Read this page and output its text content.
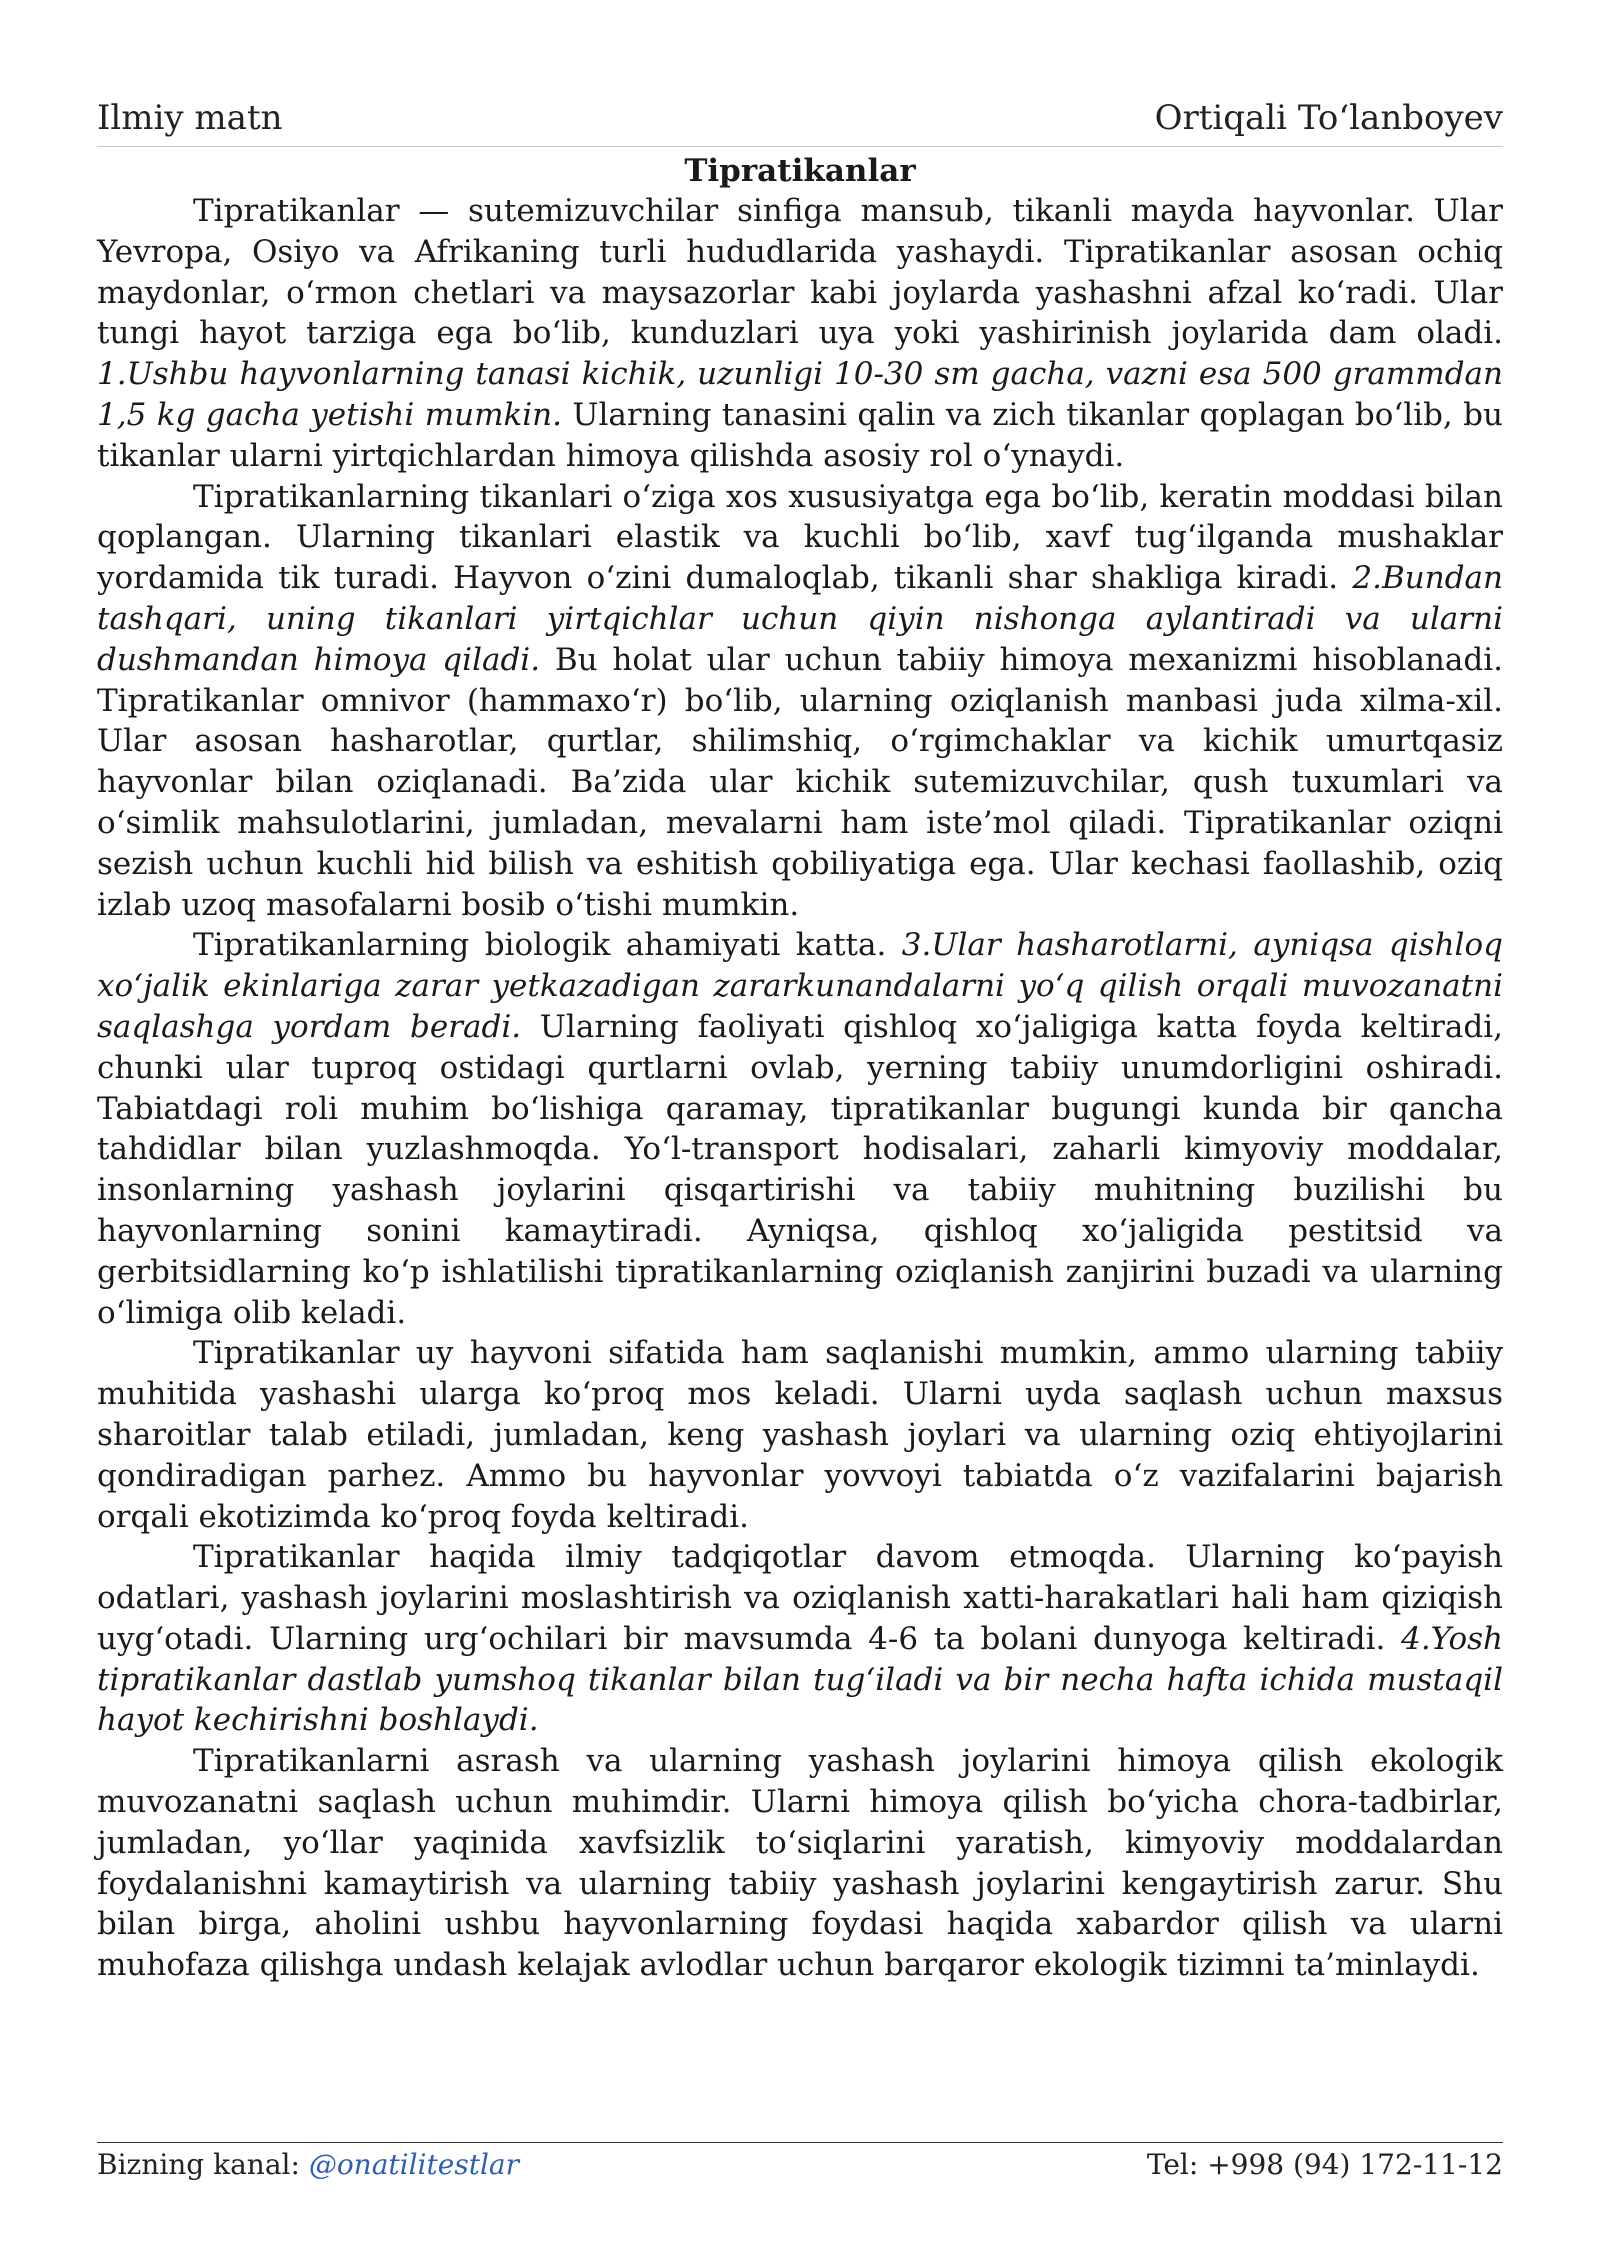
Ilmiy matn	Ortiqali To‘lanboyev
Tipratikanlar

Tipratikanlar — sutemizuvchilar sinfiga mansub, tikanli mayda hayvonlar. Ular Yevropa, Osiyo va Afrikaning turli hududlarida yashaydi. Tipratikanlar asosan ochiq maydonlar, o‘rmon chetlari va maysazorlar kabi joylarda yashashni afzal ko‘radi. Ular tungi hayot tarziga ega bo‘lib, kunduzlari uya yoki yashirinish joylarida dam oladi. 1.Ushbu hayvonlarning tanasi kichik, uzunligi 10-30 sm gacha, vazni esa 500 grammdan 1,5 kg gacha yetishi mumkin. Ularning tanasini qalin va zich tikanlar qoplagan bo‘lib, bu tikanlar ularni yirtqichlardan himoya qilishda asosiy rol o‘ynaydi.

Tipratikanlarning tikanlari o‘ziga xos xususiyatga ega bo‘lib, keratin moddasi bilan qoplangan. Ularning tikanlari elastik va kuchli bo‘lib, xavf tug‘ilganda mushaklar yordamida tik turadi. Hayvon o‘zini dumaloqlab, tikanli shar shakliga kiradi. 2.Bundan tashqari, uning tikanlari yirtqichlar uchun qiyin nishonga aylantiradi va ularni dushmandan himoya qiladi. Bu holat ular uchun tabiiy himoya mexanizmi hisoblanadi. Tipratikanlar omnivor (hammaxo‘r) bo‘lib, ularning oziqlanish manbasi juda xilma-xil. Ular asosan hasharotlar, qurtlar, shilimshiq, o‘rgimchaklar va kichik umurtqasiz hayvonlar bilan oziqlanadi. Ba’zida ular kichik sutemizuvchilar, qush tuxumlari va o‘simlik mahsulotlarini, jumladan, mevalarni ham iste’mol qiladi. Tipratikanlar oziqni sezish uchun kuchli hid bilish va eshitish qobiliyatiga ega. Ular kechasi faollashib, oziq izlab uzoq masofalarni bosib o‘tishi mumkin.

Tipratikanlarning biologik ahamiyati katta. 3.Ular hasharotlarni, ayniqsa qishloq xo‘jalik ekinlariga zarar yetkazadigan zararkunandalarni yo‘q qilish orqali muvozanatni saqlashga yordam beradi. Ularning faoliyati qishloq xo‘jaligiga katta foyda keltiradi, chunki ular tuproq ostidagi qurtlarni ovlab, yerning tabiiy unumdorligini oshiradi. Tabiatdagi roli muhim bo‘lishiga qaramay, tipratikanlar bugungi kunda bir qancha tahdidlar bilan yuzlashmoqda. Yo‘l-transport hodisalari, zaharli kimyoviy moddalar, insonlarning yashash joylarini qisqartirishi va tabiiy muhitning buzilishi bu hayvonlarning sonini kamaytiradi. Ayniqsa, qishloq xo‘jaligida pestitsid va gerbitsidlarning ko‘p ishlatilishi tipratikanlarning oziqlanish zanjirini buzadi va ularning o‘limiga olib keladi.

Tipratikanlar uy hayvoni sifatida ham saqlanishi mumkin, ammo ularning tabiiy muhitida yashashi ularga ko‘proq mos keladi. Ularni uyda saqlash uchun maxsus sharoitlar talab etiladi, jumladan, keng yashash joylari va ularning oziq ehtiyojlarini qondiradigan parhez. Ammo bu hayvonlar yovvoyi tabiatda o‘z vazifalarini bajarish orqali ekotizimda ko‘proq foyda keltiradi.

Tipratikanlar haqida ilmiy tadqiqotlar davom etmoqda. Ularning ko‘payish odatlari, yashash joylarini moslashtirish va oziqlanish xatti-harakatlari hali ham qiziqish uyg‘otadi. Ularning urg‘ochilari bir mavsumda 4-6 ta bolani dunyoga keltiradi. 4.Yosh tipratikanlar dastlab yumshoq tikanlar bilan tug‘iladi va bir necha hafta ichida mustaqil hayot kechirishni boshlaydi.

Tipratikanlarni asrash va ularning yashash joylarini himoya qilish ekologik muvozanatni saqlash uchun muhimdir. Ularni himoya qilish bo‘yicha chora-tadbirlar, jumladan, yo‘llar yaqinida xavfsizlik to‘siqlarini yaratish, kimyoviy moddalardan foydalanishni kamaytirish va ularning tabiiy yashash joylarini kengaytirish zarur. Shu bilan birga, aholini ushbu hayvonlarning foydasi haqida xabardor qilish va ularni muhofaza qilishga undash kelajak avlodlar uchun barqaror ekologik tizimni ta’minlaydi.

Bizning kanal: @onatilitestlar	Tel: +998 (94) 172-11-12
